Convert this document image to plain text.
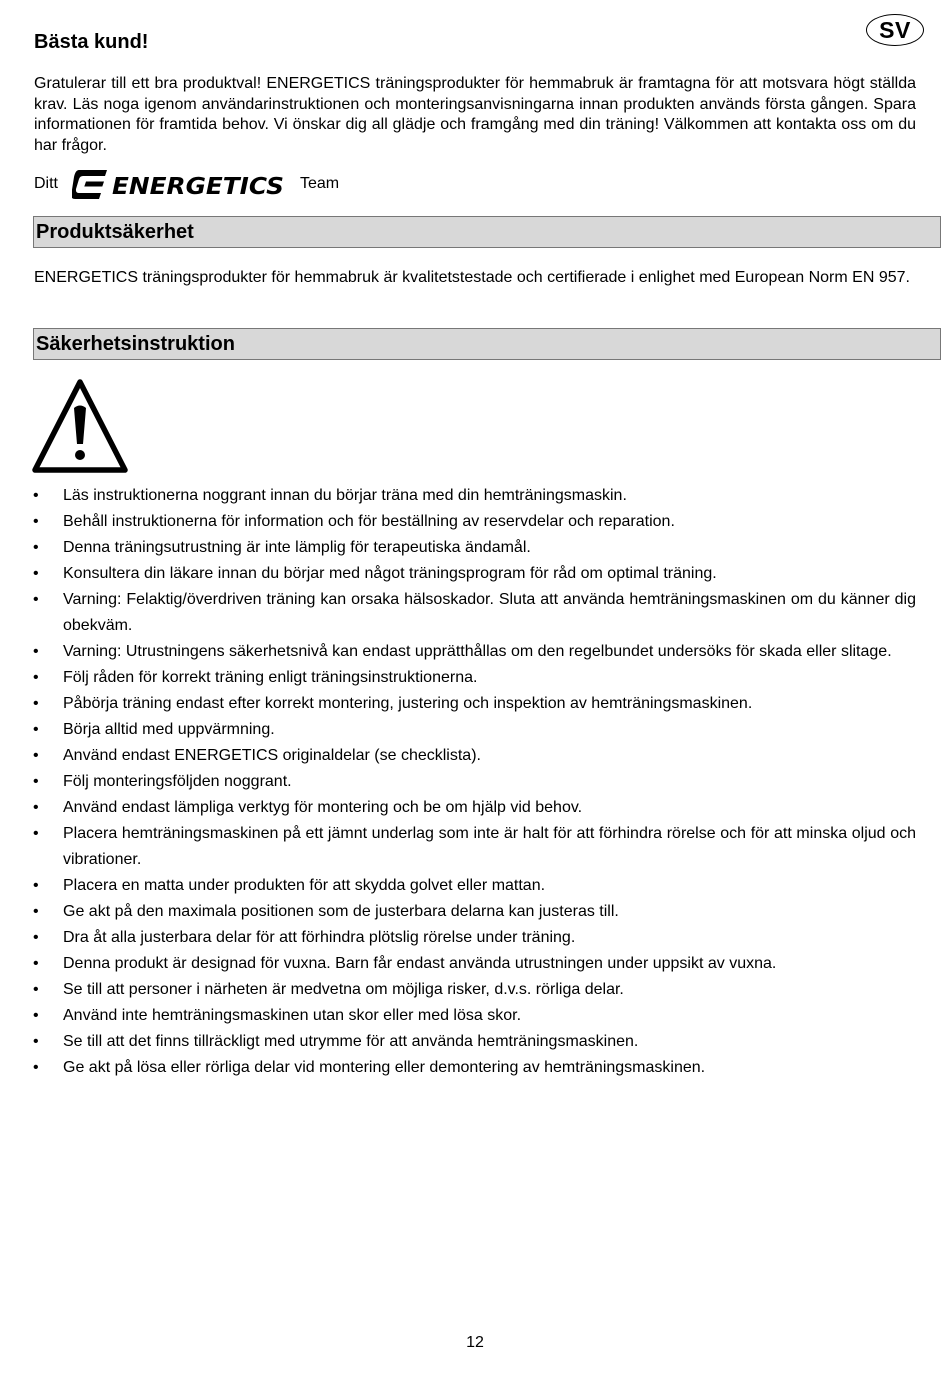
Bästa kund!	SV

Gratulerar till ett bra produktval! ENERGETICS träningsprodukter för hemmabruk är framtagna för att motsvara högt ställda krav. Läs noga igenom användarinstruktionen och monteringsanvisningarna innan produkten används första gången. Spara informationen för framtida behov. Vi önskar dig all glädje och framgång med din träning! Välkommen att kontakta oss om du har frågor.

Ditt ENERGETICS Team
Produktsäkerhet

ENERGETICS träningsprodukter för hemmabruk är kvalitetstestade och certifierade i enlighet med European Norm EN 957.

Säkerhetsinstruktion
• Läs instruktionerna noggrant innan du börjar träna med din hemträningsmaskin.
• Behåll instruktionerna för information och för beställning av reservdelar och reparation.
• Denna träningsutrustning är inte lämplig för terapeutiska ändamål.
• Konsultera din läkare innan du börjar med något träningsprogram för råd om optimal träning.
• Varning: Felaktig/överdriven träning kan orsaka hälsoskador. Sluta att använda hemträningsmaskinen om du känner dig obekväm.
• Varning: Utrustningens säkerhetsnivå kan endast upprätthållas om den regelbundet undersöks för skada eller slitage.
• Följ råden för korrekt träning enligt träningsinstruktionerna.
• Påbörja träning endast efter korrekt montering, justering och inspektion av hemträningsmaskinen.
• Börja alltid med uppvärmning.
• Använd endast ENERGETICS originaldelar (se checklista).
• Följ monteringsföljden noggrant.
• Använd endast lämpliga verktyg för montering och be om hjälp vid behov.
• Placera hemträningsmaskinen på ett jämnt underlag som inte är halt för att förhindra rörelse och för att minska oljud och vibrationer.
• Placera en matta under produkten för att skydda golvet eller mattan.
• Ge akt på den maximala positionen som de justerbara delarna kan justeras till.
• Dra åt alla justerbara delar för att förhindra plötslig rörelse under träning.
• Denna produkt är designad för vuxna. Barn får endast använda utrustningen under uppsikt av vuxna.
• Se till att personer i närheten är medvetna om möjliga risker, d.v.s. rörliga delar.
• Använd inte hemträningsmaskinen utan skor eller med lösa skor.
• Se till att det finns tillräckligt med utrymme för att använda hemträningsmaskinen.
• Ge akt på lösa eller rörliga delar vid montering eller demontering av hemträningsmaskinen.
12
